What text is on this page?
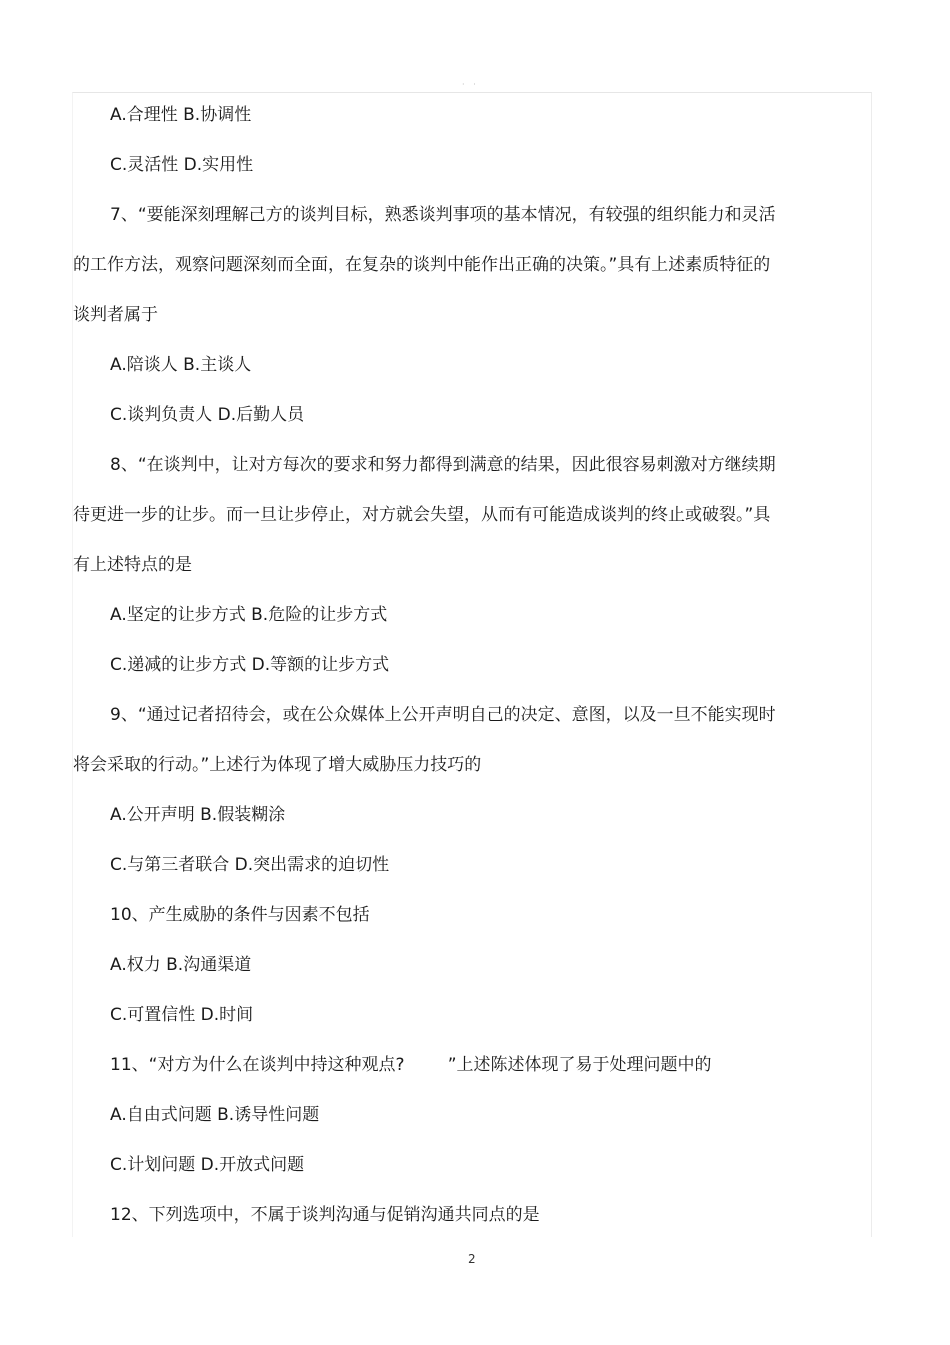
· ·
A.合理性 B.协调性
C.灵活性 D.实用性
7、“要能深刻理解己方的谈判目标，熟悉谈判事项的基本情况，有较强的组织能力和灵活
的工作方法，观察问题深刻而全面，在复杂的谈判中能作出正确的决策。”具有上述素质特征的
谈判者属于
A.陪谈人 B.主谈人
C.谈判负责人 D.后勤人员
8、“在谈判中，让对方每次的要求和努力都得到满意的结果，因此很容易刺激对方继续期
待更进一步的让步。而一旦让步停止，对方就会失望，从而有可能造成谈判的终止或破裂。”具
有上述特点的是
A.坚定的让步方式 B.危险的让步方式
C.递减的让步方式 D.等额的让步方式
9、“通过记者招待会，或在公众媒体上公开声明自己的决定、意图，以及一旦不能实现时
将会采取的行动。”上述行为体现了增大威胁压力技巧的
A.公开声明 B.假装糊涂
C.与第三者联合 D.突出需求的迫切性
10、产生威胁的条件与因素不包括
A.权力 B.沟通渠道
C.可置信性 D.时间
11、“对方为什么在谈判中持这种观点?        ”上述陈述体现了易于处理问题中的
A.自由式问题 B.诱导性问题
C.计划问题 D.开放式问题
12、下列选项中，不属于谈判沟通与促销沟通共同点的是
2
